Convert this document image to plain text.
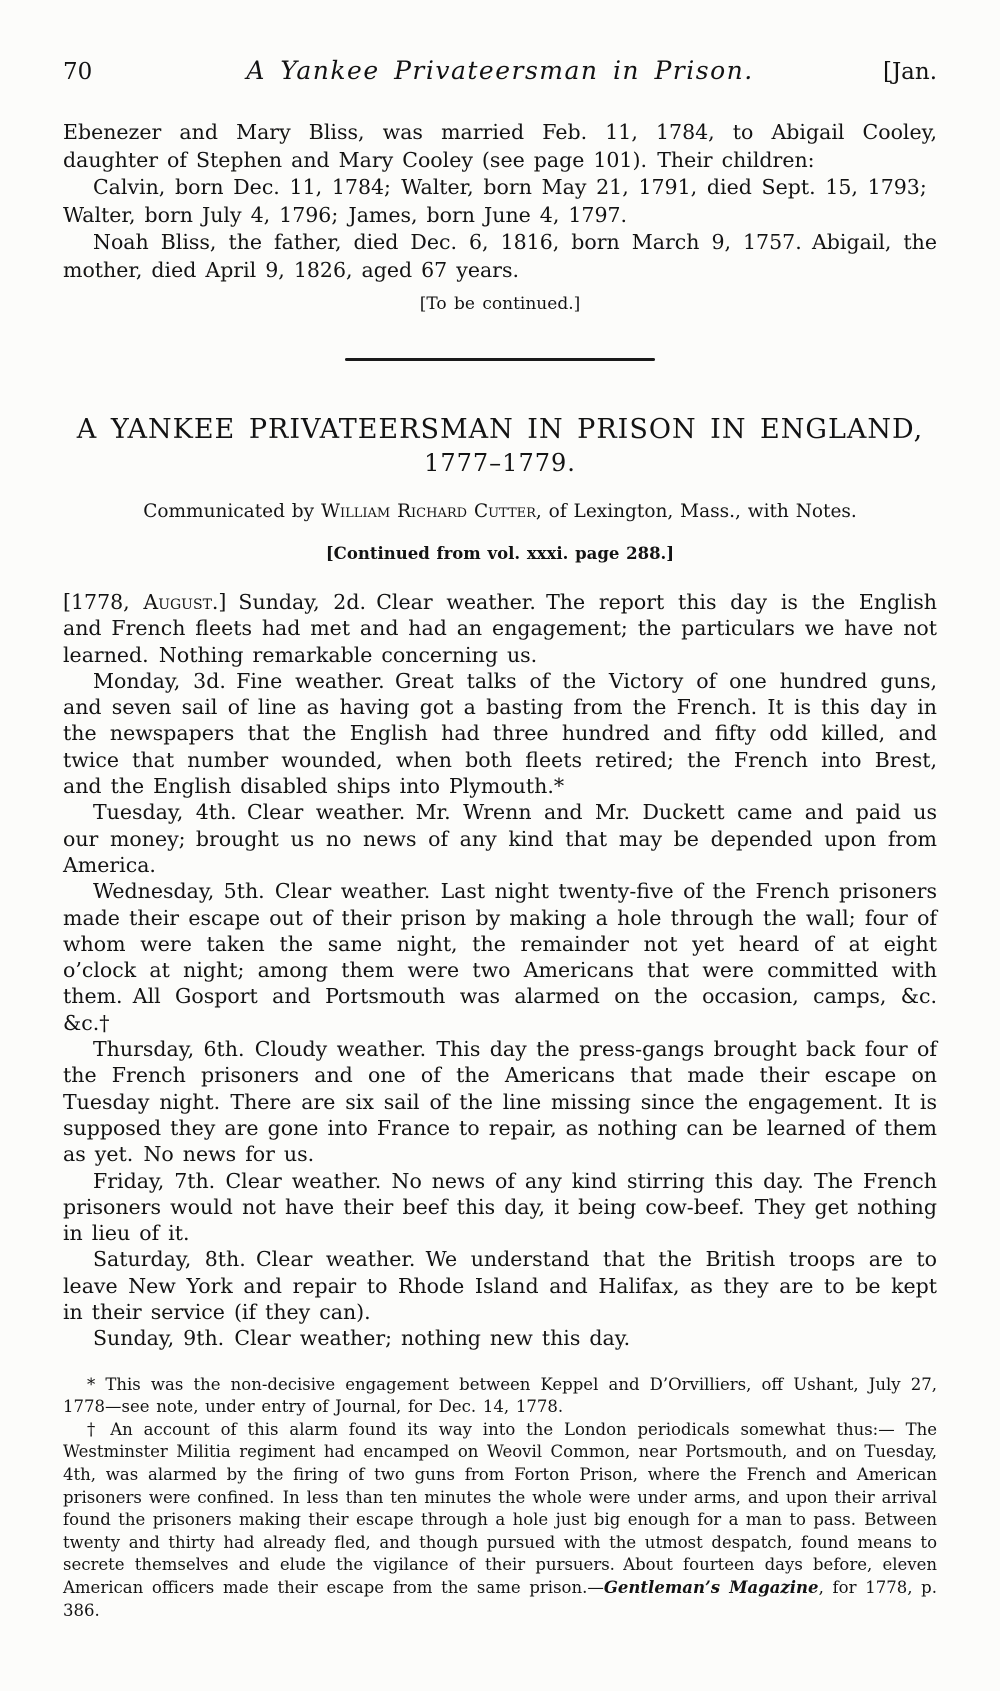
70	A Yankee Privateersman in Prison.	[Jan.

Ebenezer and Mary Bliss, was married Feb. 11, 1784, to Abigail Cooley, daughter of Stephen and Mary Cooley (see page 101). Their children:

Calvin, born Dec. 11, 1784; Walter, born May 21, 1791, died Sept. 15, 1793; Walter, born July 4, 1796; James, born June 4, 1797.

Noah Bliss, the father, died Dec. 6, 1816, born March 9, 1757. Abigail, the mother, died April 9, 1826, aged 67 years.

[To be continued.]

A YANKEE PRIVATEERSMAN IN PRISON IN ENGLAND,
1777–1779.

Communicated by William Richard Cutter, of Lexington, Mass., with Notes.

[Continued from vol. xxxi. page 288.]

[1778, August.] Sunday, 2d. Clear weather. The report this day is the English and French fleets had met and had an engagement; the particulars we have not learned. Nothing remarkable concerning us.

Monday, 3d. Fine weather. Great talks of the Victory of one hundred guns, and seven sail of line as having got a basting from the French. It is this day in the newspapers that the English had three hundred and fifty odd killed, and twice that number wounded, when both fleets retired; the French into Brest, and the English disabled ships into Plymouth.*

Tuesday, 4th. Clear weather. Mr. Wrenn and Mr. Duckett came and paid us our money; brought us no news of any kind that may be depended upon from America.

Wednesday, 5th. Clear weather. Last night twenty-five of the French prisoners made their escape out of their prison by making a hole through the wall; four of whom were taken the same night, the remainder not yet heard of at eight o’clock at night; among them were two Americans that were committed with them. All Gosport and Portsmouth was alarmed on the occasion, camps, &c. &c.†

Thursday, 6th. Cloudy weather. This day the press-gangs brought back four of the French prisoners and one of the Americans that made their escape on Tuesday night. There are six sail of the line missing since the engagement. It is supposed they are gone into France to repair, as nothing can be learned of them as yet. No news for us.

Friday, 7th. Clear weather. No news of any kind stirring this day. The French prisoners would not have their beef this day, it being cow-beef. They get nothing in lieu of it.

Saturday, 8th. Clear weather. We understand that the British troops are to leave New York and repair to Rhode Island and Halifax, as they are to be kept in their service (if they can).

Sunday, 9th. Clear weather; nothing new this day.

* This was the non-decisive engagement between Keppel and D’Orvilliers, off Ushant, July 27, 1778—see note, under entry of Journal, for Dec. 14, 1778.

† An account of this alarm found its way into the London periodicals somewhat thus:— The Westminster Militia regiment had encamped on Weovil Common, near Portsmouth, and on Tuesday, 4th, was alarmed by the firing of two guns from Forton Prison, where the French and American prisoners were confined. In less than ten minutes the whole were under arms, and upon their arrival found the prisoners making their escape through a hole just big enough for a man to pass. Between twenty and thirty had already fled, and though pursued with the utmost despatch, found means to secrete themselves and elude the vigilance of their pursuers. About fourteen days before, eleven American officers made their escape from the same prison.—Gentleman’s Magazine, for 1778, p. 386.
